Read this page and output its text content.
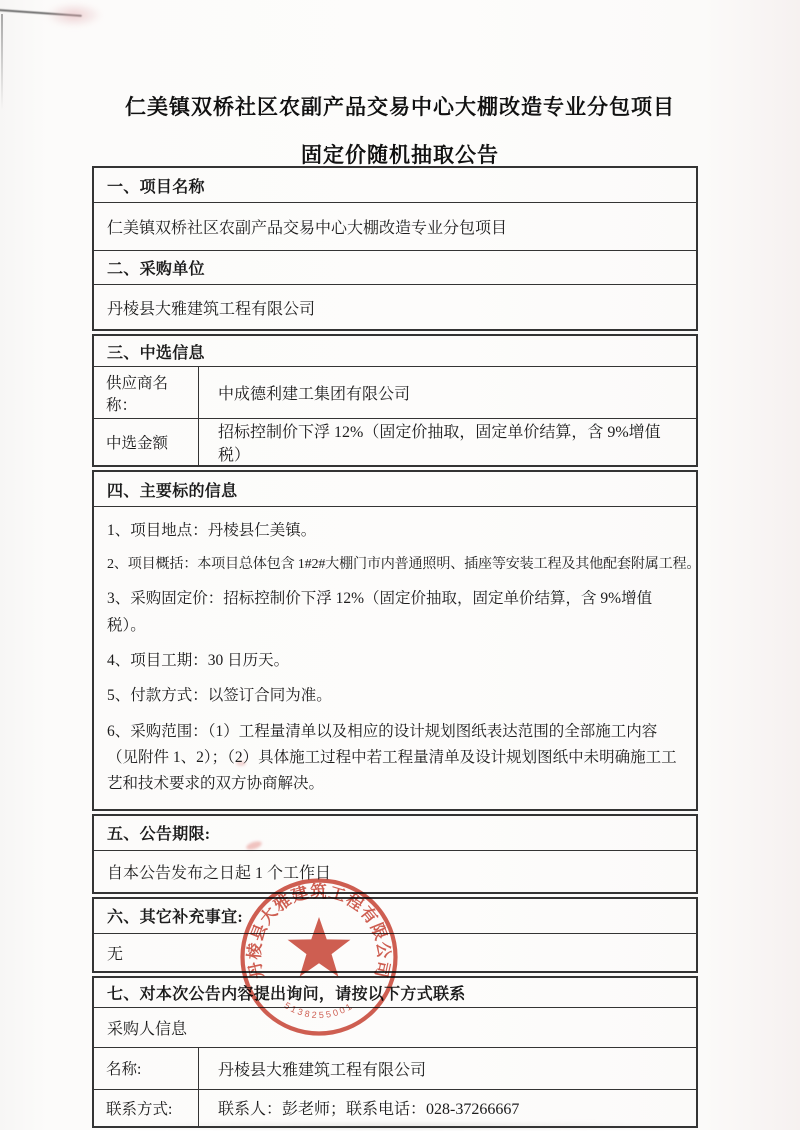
仁美镇双桥社区农副产品交易中心大棚改造专业分包项目
固定价随机抽取公告
一、项目名称
仁美镇双桥社区农副产品交易中心大棚改造专业分包项目
二、采购单位
丹棱县大雅建筑工程有限公司
三、中选信息
供应商名称：
中成德利建工集团有限公司
中选金额
招标控制价下浮 12%（固定价抽取，固定单价结算，含 9%增值税）
四、主要标的信息

1、项目地点：丹棱县仁美镇。

2、项目概括：本项目总体包含 1#2#大棚门市内普通照明、插座等安装工程及其他配套附属工程。

3、采购固定价：招标控制价下浮 12%（固定价抽取，固定单价结算，含 9%增值税）。

4、项目工期：30 日历天。

5、付款方式：以签订合同为准。

6、采购范围：（1）工程量清单以及相应的设计规划图纸表达范围的全部施工内容（见附件 1、2）；（2）具体施工过程中若工程量清单及设计规划图纸中未明确施工工艺和技术要求的双方协商解决。

五、公告期限:
自本公告发布之日起 1 个工作日
六、其它补充事宜:
无
七、对本次公告内容提出询问，请按以下方式联系
采购人信息
名称:	丹棱县大雅建筑工程有限公司
联系方式:	联系人：彭老师；联系电话：028-37266667
丹棱县大雅建筑工程有限公司
5138255001
